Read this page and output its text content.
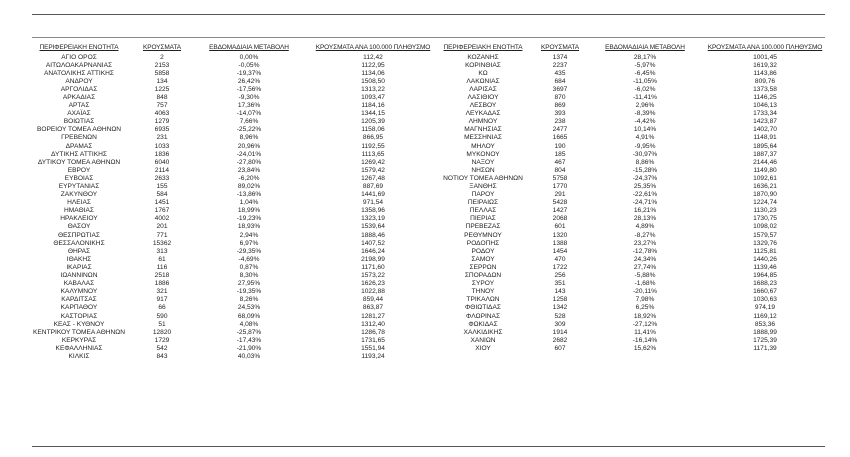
ΠΕΡΙΦΕΡΕΙΑΚΗ ΕΝΟΤΗΤΑ	ΚΡΟΥΣΜΑΤΑ	ΕΒΔΟΜΑΔΙΑΙΑ ΜΕΤΑΒΟΛΗ	ΚΡΟΥΣΜΑΤΑ ΑΝΑ 100.000 ΠΛΗΘΥΣΜΟ
ΑΓΙΟ ΟΡΟΣ	2	0,00%	112,42
ΑΙΤΩΛΟΑΚΑΡΝΑΝΙΑΣ	2153	-0,05%	1122,95
ΑΝΑΤΟΛΙΚΗΣ ΑΤΤΙΚΗΣ	5858	-19,37%	1134,06
ΑΝΔΡΟΥ	134	26,42%	1508,50
ΑΡΓΟΛΙΔΑΣ	1225	-17,56%	1313,22
ΑΡΚΑΔΙΑΣ	848	-9,30%	1093,47
ΑΡΤΑΣ	757	17,36%	1184,16
ΑΧΑΪΑΣ	4063	-14,07%	1344,15
ΒΟΙΩΤΙΑΣ	1279	7,66%	1205,39
ΒΟΡΕΙΟΥ ΤΟΜΕΑ ΑΘΗΝΩΝ	6935	-25,22%	1158,06
ΓΡΕΒΕΝΩΝ	231	8,96%	866,95
ΔΡΑΜΑΣ	1033	20,96%	1192,55
ΔΥΤΙΚΗΣ ΑΤΤΙΚΗΣ	1836	-24,01%	1113,65
ΔΥΤΙΚΟΥ ΤΟΜΕΑ ΑΘΗΝΩΝ	6040	-27,80%	1269,42
ΕΒΡΟΥ	2114	23,84%	1579,42
ΕΥΒΟΙΑΣ	2633	-6,20%	1267,48
ΕΥΡΥΤΑΝΙΑΣ	155	89,02%	887,69
ΖΑΚΥΝΘΟΥ	584	-13,86%	1441,69
ΗΛΕΙΑΣ	1451	1,04%	971,54
ΗΜΑΘΙΑΣ	1767	18,99%	1358,96
ΗΡΑΚΛΕΙΟΥ	4002	-19,23%	1323,19
ΘΑΣΟΥ	201	18,93%	1539,64
ΘΕΣΠΡΩΤΙΑΣ	771	2,94%	1888,46
ΘΕΣΣΑΛΟΝΙΚΗΣ	15362	6,97%	1407,52
ΘΗΡΑΣ	313	-29,35%	1646,24
ΙΘΑΚΗΣ	61	-4,69%	2198,99
ΙΚΑΡΙΑΣ	116	0,87%	1171,60
ΙΩΑΝΝΙΝΩΝ	2518	8,30%	1573,22
ΚΑΒΑΛΑΣ	1886	27,95%	1626,23
ΚΑΛΥΜΝΟΥ	321	-19,35%	1022,88
ΚΑΡΔΙΤΣΑΣ	917	8,26%	859,44
ΚΑΡΠΑΘΟΥ	66	24,53%	863,87
ΚΑΣΤΟΡΙΑΣ	590	68,09%	1281,27
ΚΕΑΣ - ΚΥΘΝΟΥ	51	4,08%	1312,40
ΚΕΝΤΡΙΚΟΥ ΤΟΜΕΑ ΑΘΗΝΩΝ	12820	-25,87%	1286,78
ΚΕΡΚΥΡΑΣ	1729	-17,43%	1731,65
ΚΕΦΑΛΛΗΝΙΑΣ	542	-21,90%	1551,94
ΚΙΛΚΙΣ	843	40,03%	1193,24
ΠΕΡΙΦΕΡΕΙΑΚΗ ΕΝΟΤΗΤΑ	ΚΡΟΥΣΜΑΤΑ	ΕΒΔΟΜΑΔΙΑΙΑ ΜΕΤΑΒΟΛΗ	ΚΡΟΥΣΜΑΤΑ ΑΝΑ 100.000 ΠΛΗΘΥΣΜΟ
ΚΟΖΑΝΗΣ	1374	28,17%	1001,45
ΚΟΡΙΝΘΙΑΣ	2237	-5,97%	1619,32
ΚΩ	435	-6,45%	1143,86
ΛΑΚΩΝΙΑΣ	684	-11,05%	809,76
ΛΑΡΙΣΑΣ	3697	-6,02%	1373,58
ΛΑΣΙΘΙΟΥ	870	-11,41%	1146,25
ΛΕΣΒΟΥ	869	2,96%	1046,13
ΛΕΥΚΑΔΑΣ	393	-8,39%	1733,34
ΛΗΜΝΟΥ	238	-4,42%	1423,87
ΜΑΓΝΗΣΙΑΣ	2477	10,14%	1402,70
ΜΕΣΣΗΝΙΑΣ	1665	4,91%	1148,91
ΜΗΛΟΥ	190	-9,95%	1895,64
ΜΥΚΟΝΟΥ	185	-30,97%	1887,37
ΝΑΞΟΥ	467	8,86%	2144,46
ΝΗΣΩΝ	804	-15,28%	1149,80
ΝΟΤΙΟΥ ΤΟΜΕΑ ΑΘΗΝΩΝ	5758	-24,37%	1092,61
ΞΑΝΘΗΣ	1770	25,35%	1636,21
ΠΑΡΟΥ	291	-22,61%	1870,90
ΠΕΙΡΑΙΩΣ	5428	-24,71%	1224,74
ΠΕΛΛΑΣ	1427	16,21%	1130,23
ΠΙΕΡΙΑΣ	2068	28,13%	1730,75
ΠΡΕΒΕΖΑΣ	601	4,89%	1098,02
ΡΕΘΥΜΝΟΥ	1320	-8,27%	1579,57
ΡΟΔΟΠΗΣ	1388	23,27%	1329,76
ΡΟΔΟΥ	1454	-12,78%	1125,81
ΣΑΜΟΥ	470	24,34%	1440,26
ΣΕΡΡΩΝ	1722	27,74%	1139,46
ΣΠΟΡΑΔΩΝ	256	-5,88%	1964,85
ΣΥΡΟΥ	351	-1,68%	1688,23
ΤΗΝΟΥ	143	-20,11%	1660,67
ΤΡΙΚΑΛΩΝ	1258	7,98%	1030,63
ΦΘΙΩΤΙΔΑΣ	1342	6,25%	974,19
ΦΛΩΡΙΝΑΣ	528	18,92%	1169,12
ΦΩΚΙΔΑΣ	309	-27,12%	853,36
ΧΑΛΚΙΔΙΚΗΣ	1914	11,41%	1888,99
ΧΑΝΙΩΝ	2682	-16,14%	1725,39
ΧΙΟΥ	607	15,62%	1171,39
